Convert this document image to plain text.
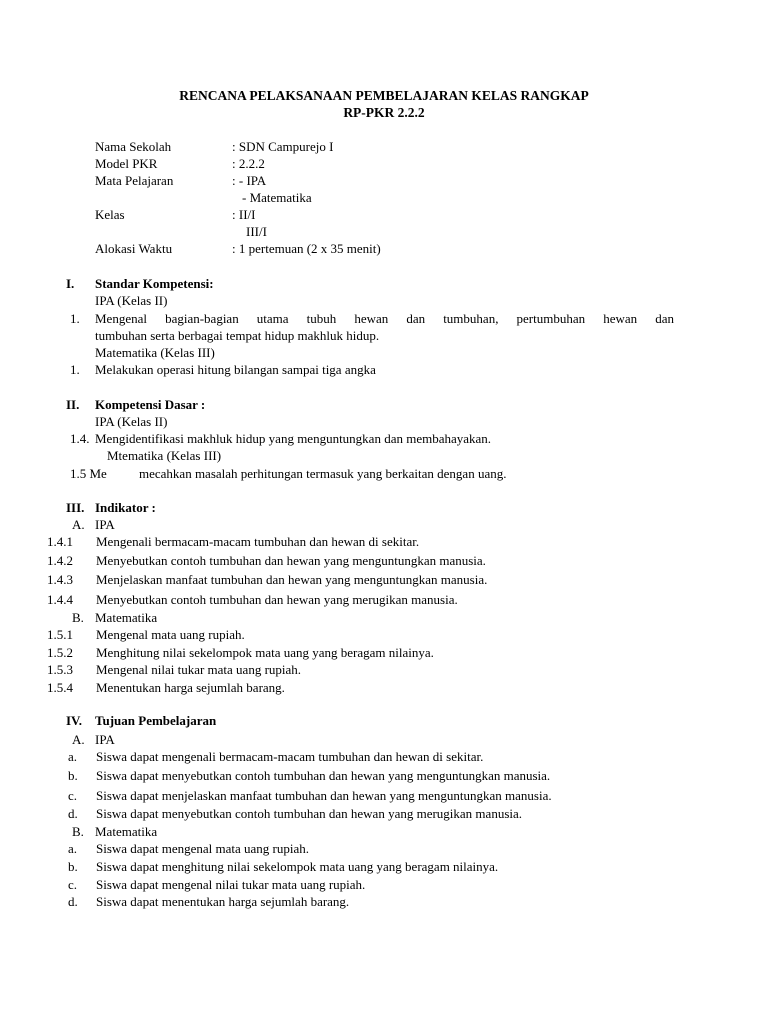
RENCANA PELAKSANAAN PEMBELAJARAN KELAS RANGKAP
RP-PKR 2.2.2
Nama Sekolah	: SDN Campurejo I
Model PKR	: 2.2.2
Mata Pelajaran	: - IPA
- Matematika
Kelas	: II/I
III/I
Alokasi Waktu	: 1 pertemuan (2 x 35 menit)
I. Standar Kompetensi:
IPA (Kelas II)
1. Mengenal bagian-bagian utama tubuh hewan dan tumbuhan, pertumbuhan hewan dan
tumbuhan serta berbagai tempat hidup makhluk hidup.
Matematika (Kelas III)
1. Melakukan operasi hitung bilangan sampai tiga angka
II. Kompetensi Dasar :
IPA (Kelas II)
1.4. Mengidentifikasi makhluk hidup yang menguntungkan dan membahayakan.
Mtematika (Kelas III)
1.5 Me mecahkan masalah perhitungan termasuk yang berkaitan dengan uang.
III. Indikator :
A. IPA
1.4.1 Mengenali bermacam-macam tumbuhan dan hewan di sekitar.
1.4.2 Menyebutkan contoh tumbuhan dan hewan yang menguntungkan manusia.
1.4.3 Menjelaskan manfaat tumbuhan dan hewan yang menguntungkan manusia.
1.4.4 Menyebutkan contoh tumbuhan dan hewan yang merugikan manusia.
B. Matematika
1.5.1 Mengenal mata uang rupiah.
1.5.2 Menghitung nilai sekelompok mata uang yang beragam nilainya.
1.5.3 Mengenal nilai tukar mata uang rupiah.
1.5.4 Menentukan harga sejumlah barang.
IV. Tujuan Pembelajaran
A. IPA
a. Siswa dapat mengenali bermacam-macam tumbuhan dan hewan di sekitar.
b. Siswa dapat menyebutkan contoh tumbuhan dan hewan yang menguntungkan manusia.
c. Siswa dapat menjelaskan manfaat tumbuhan dan hewan yang menguntungkan manusia.
d. Siswa dapat menyebutkan contoh tumbuhan dan hewan yang merugikan manusia.
B. Matematika
a. Siswa dapat mengenal mata uang rupiah.
b. Siswa dapat menghitung nilai sekelompok mata uang yang beragam nilainya.
c. Siswa dapat mengenal nilai tukar mata uang rupiah.
d. Siswa dapat menentukan harga sejumlah barang.
